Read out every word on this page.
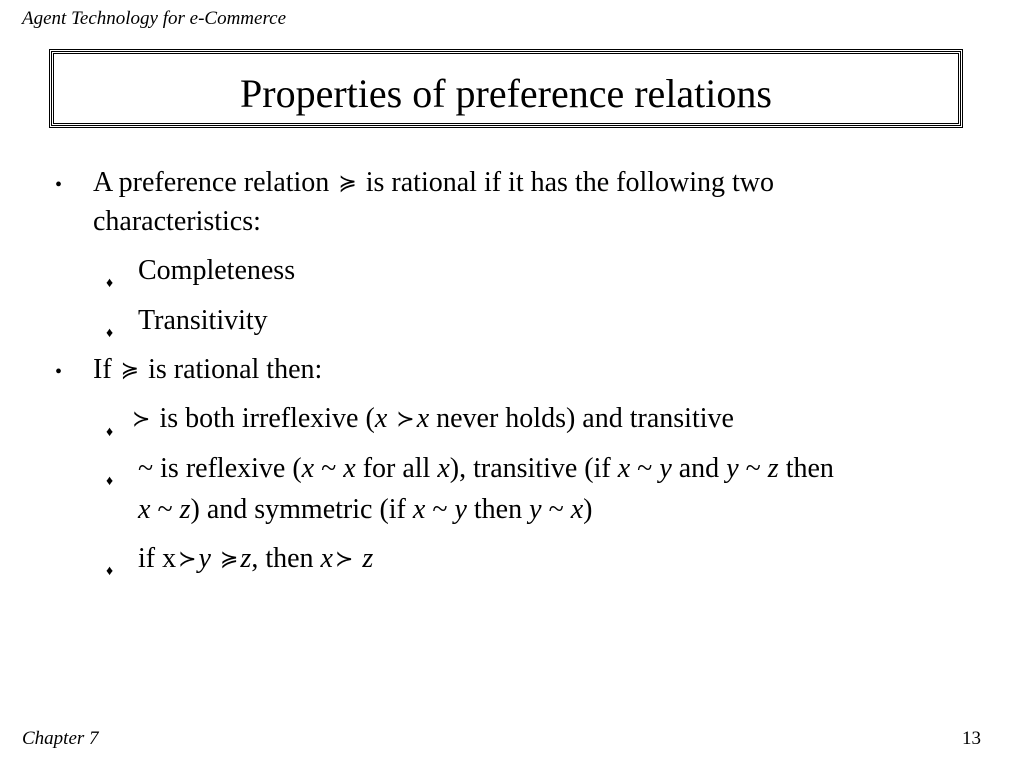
Agent Technology for e-Commerce
Properties of preference relations
• A preference relation ≽ is rational if it has the following two
characteristics:
♦ Completeness
♦ Transitivity
• If ≽ is rational then:
♦
≻ is both irreflexive (x ≻x never holds) and transitive
♦ ~ is reflexive (x ~ x for all x), transitive (if x ~ y and y ~ z then
x ~ z) and symmetric (if x ~ y then y ~ x)
♦ if x≻y ≽z, then x≻ z
Chapter 7	13
